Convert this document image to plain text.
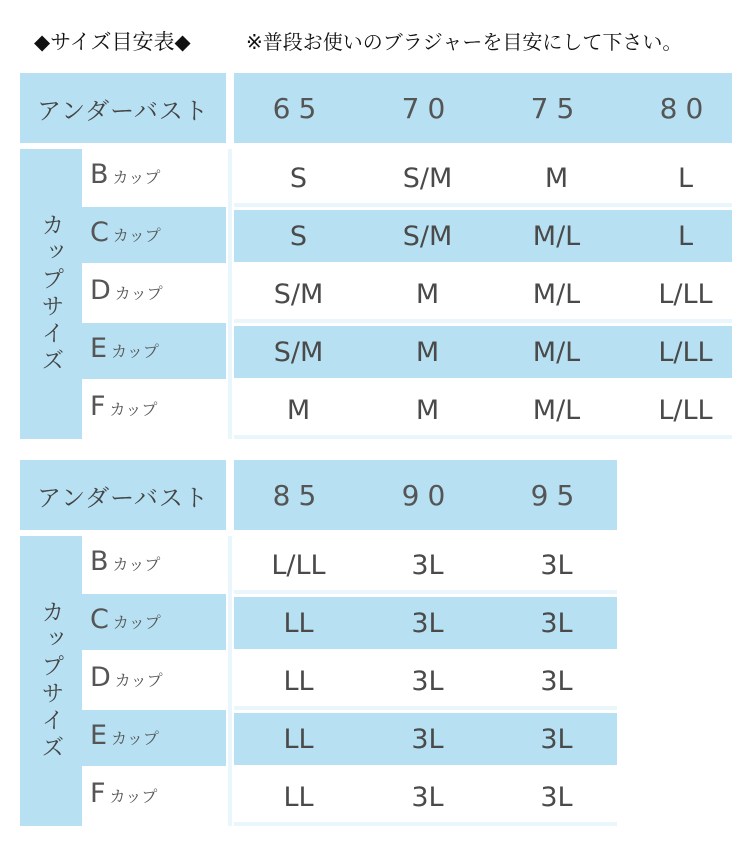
◆サイズ目安表◆	※普段お使いのブラジャーを目安にして下さい。
アンダーバスト	65	70	75	80
カップサイズ
B カップ	S	S/M	M	L
C カップ	S	S/M	M/L	L
D カップ	S/M	M	M/L	L/LL
E カップ	S/M	M	M/L	L/LL
F カップ	M	M	M/L	L/LL
アンダーバスト	85	90	95
カップサイズ
B カップ	L/LL	3L	3L
C カップ	LL	3L	3L
D カップ	LL	3L	3L
E カップ	LL	3L	3L
F カップ	LL	3L	3L
